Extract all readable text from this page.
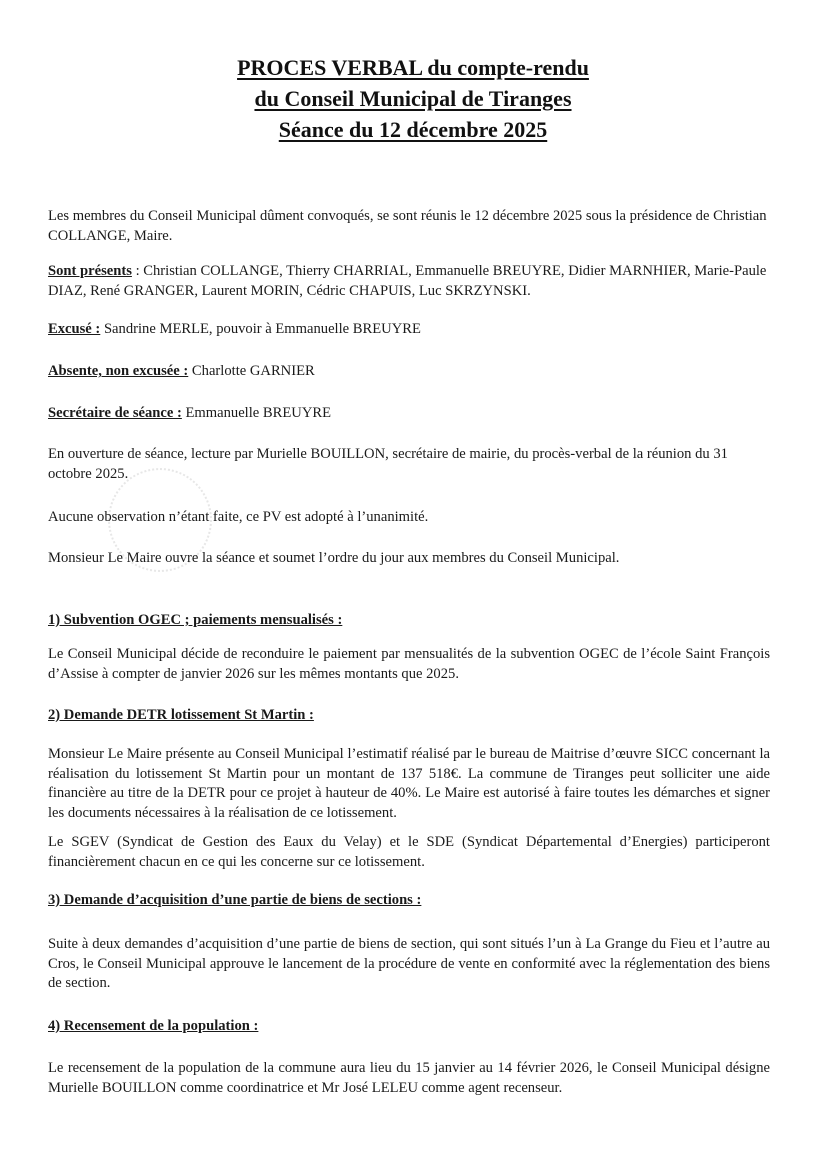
PROCES VERBAL du compte-rendu
du Conseil Municipal de Tiranges
Séance du 12 décembre 2025

Les membres du Conseil Municipal dûment convoqués, se sont réunis le 12 décembre 2025 sous la présidence de Christian COLLANGE, Maire.

Sont présents : Christian COLLANGE, Thierry CHARRIAL, Emmanuelle BREUYRE, Didier MARNHIER, Marie-Paule DIAZ, René GRANGER, Laurent MORIN, Cédric CHAPUIS, Luc SKRZYNSKI.

Excusé : Sandrine MERLE, pouvoir à Emmanuelle BREUYRE

Absente, non excusée : Charlotte GARNIER

Secrétaire de séance : Emmanuelle BREUYRE

En ouverture de séance, lecture par Murielle BOUILLON, secrétaire de mairie, du procès-verbal de la réunion du 31 octobre 2025.

Aucune observation n’étant faite, ce PV est adopté à l’unanimité.

Monsieur Le Maire ouvre la séance et soumet l’ordre du jour aux membres du Conseil Municipal.

1) Subvention OGEC ; paiements mensualisés :

Le Conseil Municipal décide de reconduire le paiement par mensualités de la subvention OGEC de l’école Saint François d’Assise à compter de janvier 2026 sur les mêmes montants que 2025.

2) Demande DETR lotissement St Martin :

Monsieur Le Maire présente au Conseil Municipal l’estimatif réalisé par le bureau de Maitrise d’œuvre SICC concernant la réalisation du lotissement St Martin pour un montant de 137 518€. La commune de Tiranges peut solliciter une aide financière au titre de la DETR pour ce projet à hauteur de 40%. Le Maire est autorisé à faire toutes les démarches et signer les documents nécessaires à la réalisation de ce lotissement.

Le SGEV (Syndicat de Gestion des Eaux du Velay) et le SDE (Syndicat Départemental d’Energies) participeront financièrement chacun en ce qui les concerne sur ce lotissement.

3) Demande d’acquisition d’une partie de biens de sections :

Suite à deux demandes d’acquisition d’une partie de biens de section, qui sont situés l’un à La Grange du Fieu et l’autre au Cros, le Conseil Municipal approuve le lancement de la procédure de vente en conformité avec la réglementation des biens de section.

4) Recensement de la population :

Le recensement de la population de la commune aura lieu du 15 janvier au 14 février 2026, le Conseil Municipal désigne Murielle BOUILLON comme coordinatrice et Mr José LELEU comme agent recenseur.
